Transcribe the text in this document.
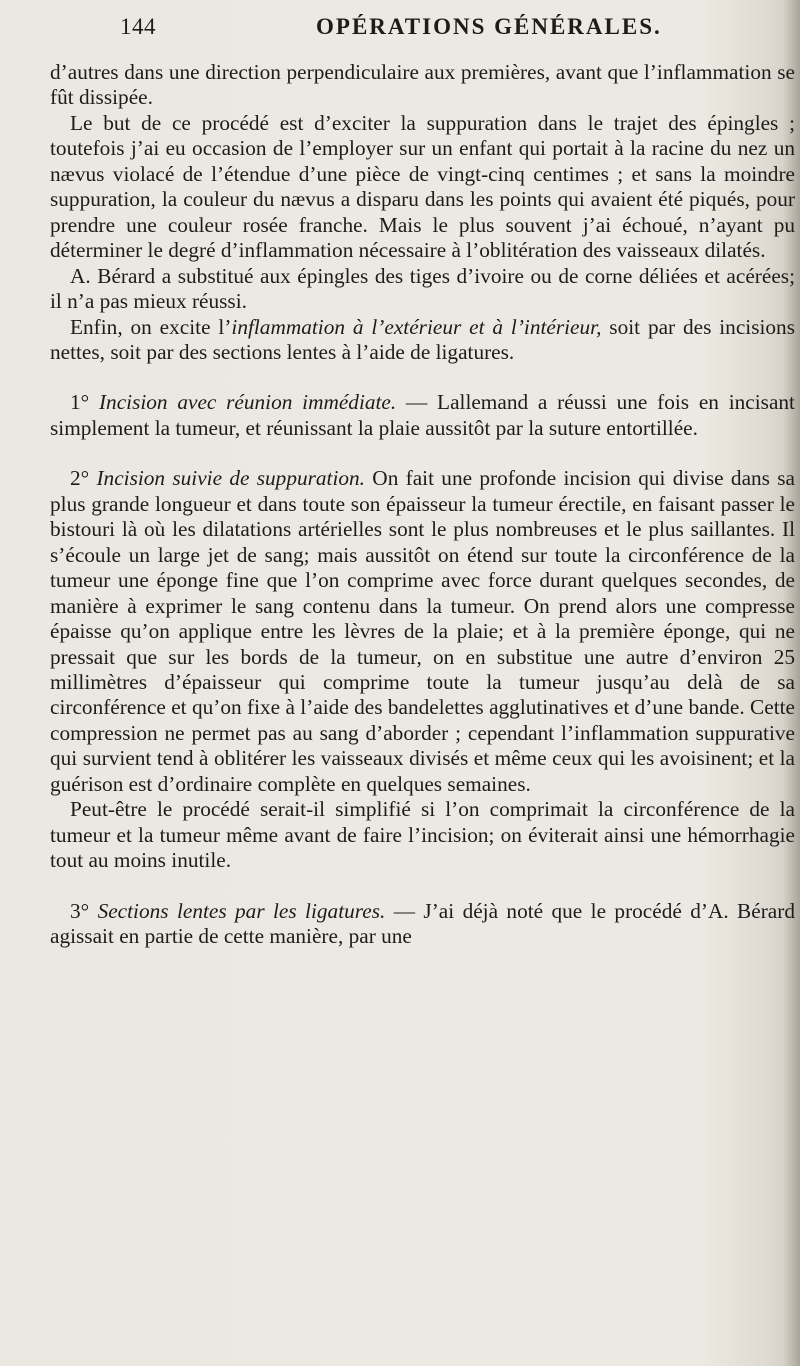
144	OPÉRATIONS GÉNÉRALES.

d’autres dans une direction perpendiculaire aux premières, avant que l’inflammation se fût dissipée.

Le but de ce procédé est d’exciter la suppuration dans le trajet des épingles ; toutefois j’ai eu occasion de l’employer sur un enfant qui portait à la racine du nez un nævus violacé de l’étendue d’une pièce de vingt-cinq centimes ; et sans la moindre suppuration, la couleur du nævus a disparu dans les points qui avaient été piqués, pour prendre une couleur rosée franche. Mais le plus souvent j’ai échoué, n’ayant pu déterminer le degré d’inflammation nécessaire à l’oblitération des vaisseaux dilatés.

A. Bérard a substitué aux épingles des tiges d’ivoire ou de corne déliées et acérées; il n’a pas mieux réussi.

Enfin, on excite l’inflammation à l’extérieur et à l’intérieur, soit par des incisions nettes, soit par des sections lentes à l’aide de ligatures.

1° Incision avec réunion immédiate. — Lallemand a réussi une fois en incisant simplement la tumeur, et réunissant la plaie aussitôt par la suture entortillée.

2° Incision suivie de suppuration. On fait une profonde incision qui divise dans sa plus grande longueur et dans toute son épaisseur la tumeur érectile, en faisant passer le bistouri là où les dilatations artérielles sont le plus nombreuses et le plus saillantes. Il s’écoule un large jet de sang; mais aussitôt on étend sur toute la circonférence de la tumeur une éponge fine que l’on comprime avec force durant quelques secondes, de manière à exprimer le sang contenu dans la tumeur. On prend alors une compresse épaisse qu’on applique entre les lèvres de la plaie; et à la première éponge, qui ne pressait que sur les bords de la tumeur, on en substitue une autre d’environ 25 millimètres d’épaisseur qui comprime toute la tumeur jusqu’au delà de sa circonférence et qu’on fixe à l’aide des bandelettes agglutinatives et d’une bande. Cette compression ne permet pas au sang d’aborder ; cependant l’inflammation suppurative qui survient tend à oblitérer les vaisseaux divisés et même ceux qui les avoisinent; et la guérison est d’ordinaire complète en quelques semaines.

Peut-être le procédé serait-il simplifié si l’on comprimait la circonférence de la tumeur et la tumeur même avant de faire l’incision; on éviterait ainsi une hémorrhagie tout au moins inutile.

3° Sections lentes par les ligatures. — J’ai déjà noté que le procédé d’A. Bérard agissait en partie de cette manière, par une
